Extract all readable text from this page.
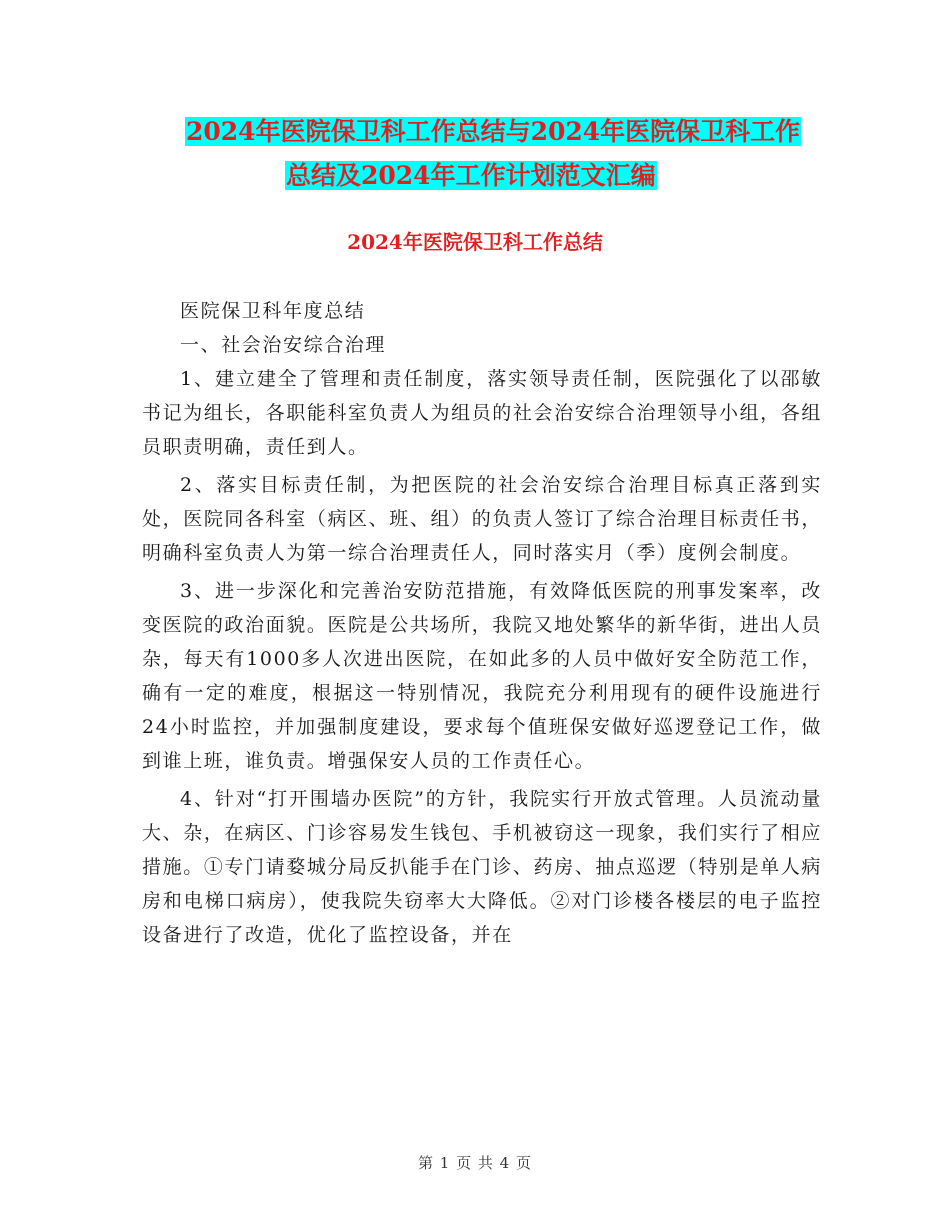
2024年医院保卫科工作总结与2024年医院保卫科工作
总结及2024年工作计划范文汇编
2024年医院保卫科工作总结

医院保卫科年度总结

一、社会治安综合治理

1、建立建全了管理和责任制度，落实领导责任制，医院强化了以邵敏书记为组长，各职能科室负责人为组员的社会治安综合治理领导小组，各组员职责明确，责任到人。

2、落实目标责任制，为把医院的社会治安综合治理目标真正落到实处，医院同各科室（病区、班、组）的负责人签订了综合治理目标责任书，明确科室负责人为第一综合治理责任人，同时落实月（季）度例会制度。

3、进一步深化和完善治安防范措施，有效降低医院的刑事发案率，改变医院的政治面貌。医院是公共场所，我院又地处繁华的新华街，进出人员杂，每天有1000多人次进出医院，在如此多的人员中做好安全防范工作，确有一定的难度，根据这一特别情况，我院充分利用现有的硬件设施进行24小时监控，并加强制度建设，要求每个值班保安做好巡逻登记工作，做到谁上班，谁负责。增强保安人员的工作责任心。

4、针对“打开围墙办医院”的方针，我院实行开放式管理。人员流动量大、杂，在病区、门诊容易发生钱包、手机被窃这一现象，我们实行了相应措施。①专门请婺城分局反扒能手在门诊、药房、抽点巡逻（特别是单人病房和电梯口病房），使我院失窃率大大降低。②对门诊楼各楼层的电子监控设备进行了改造，优化了监控设备，并在

第 1 页 共 4 页
